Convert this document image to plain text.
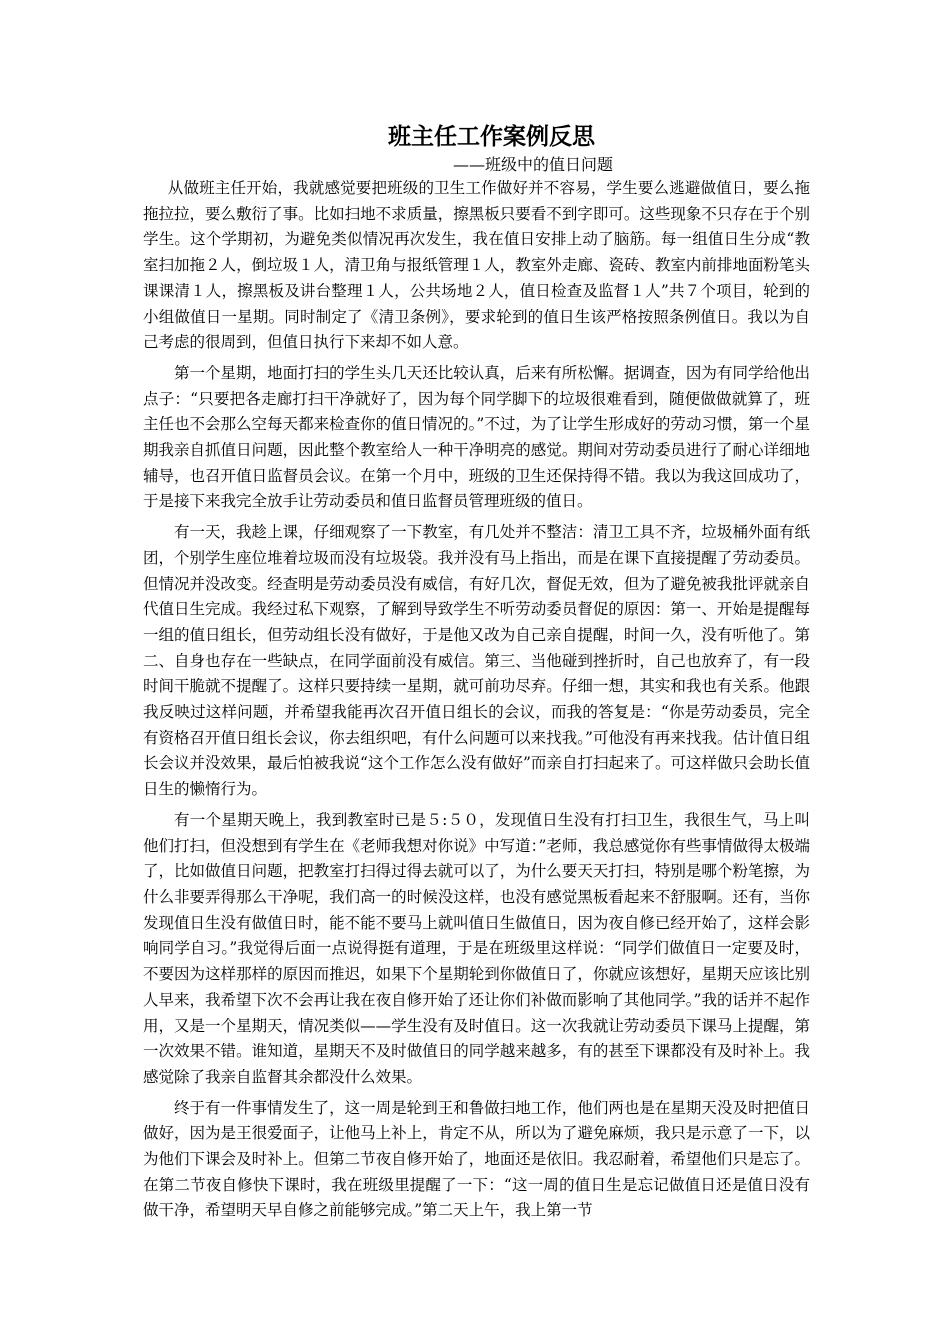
班主任工作案例反思
——班级中的值日问题

从做班主任开始，我就感觉要把班级的卫生工作做好并不容易，学生要么逃避做值日，要么拖拖拉拉，要么敷衍了事。比如扫地不求质量，擦黑板只要看不到字即可。这些现象不只存在于个别学生。这个学期初，为避免类似情况再次发生，我在值日安排上动了脑筋。每一组值日生分成“教室扫加拖２人，倒垃圾１人，清卫角与报纸管理１人，教室外走廊、瓷砖、教室内前排地面粉笔头课课清１人，擦黑板及讲台整理１人，公共场地２人，值日检查及监督１人”共７个项目，轮到的小组做值日一星期。同时制定了《清卫条例》，要求轮到的值日生该严格按照条例值日。我以为自己考虑的很周到，但值日执行下来却不如人意。

第一个星期，地面打扫的学生头几天还比较认真，后来有所松懈。据调查，因为有同学给他出点子：“只要把各走廊打扫干净就好了，因为每个同学脚下的垃圾很难看到，随便做做就算了，班主任也不会那么空每天都来检查你的值日情况的。”不过，为了让学生形成好的劳动习惯，第一个星期我亲自抓值日问题，因此整个教室给人一种干净明亮的感觉。期间对劳动委员进行了耐心详细地辅导，也召开值日监督员会议。在第一个月中，班级的卫生还保持得不错。我以为我这回成功了，于是接下来我完全放手让劳动委员和值日监督员管理班级的值日。

有一天，我趁上课，仔细观察了一下教室，有几处并不整洁：清卫工具不齐，垃圾桶外面有纸团，个别学生座位堆着垃圾而没有垃圾袋。我并没有马上指出，而是在课下直接提醒了劳动委员。但情况并没改变。经查明是劳动委员没有威信，有好几次，督促无效，但为了避免被我批评就亲自代值日生完成。我经过私下观察，了解到导致学生不听劳动委员督促的原因：第一、开始是提醒每一组的值日组长，但劳动组长没有做好，于是他又改为自己亲自提醒，时间一久，没有听他了。第二、自身也存在一些缺点，在同学面前没有威信。第三、当他碰到挫折时，自己也放弃了，有一段时间干脆就不提醒了。这样只要持续一星期，就可前功尽弃。仔细一想，其实和我也有关系。他跟我反映过这样问题，并希望我能再次召开值日组长的会议，而我的答复是：“你是劳动委员，完全有资格召开值日组长会议，你去组织吧，有什么问题可以来找我。”可他没有再来找我。估计值日组长会议并没效果，最后怕被我说“这个工作怎么没有做好”而亲自打扫起来了。可这样做只会助长值日生的懒惰行为。

有一个星期天晚上，我到教室时已是５:５０，发现值日生没有打扫卫生，我很生气，马上叫他们打扫，但没想到有学生在《老师我想对你说》中写道：”老师，我总感觉你有些事情做得太极端了，比如做值日问题，把教室打扫得过得去就可以了，为什么要天天打扫，特别是哪个粉笔擦，为什么非要弄得那么干净呢，我们高一的时候没这样，也没有感觉黑板看起来不舒服啊。还有，当你发现值日生没有做值日时，能不能不要马上就叫值日生做值日，因为夜自修已经开始了，这样会影响同学自习。”我觉得后面一点说得挺有道理，于是在班级里这样说：“同学们做值日一定要及时，不要因为这样那样的原因而推迟，如果下个星期轮到你做值日了，你就应该想好，星期天应该比别人早来，我希望下次不会再让我在夜自修开始了还让你们补做而影响了其他同学。”我的话并不起作用，又是一个星期天，情况类似——学生没有及时值日。这一次我就让劳动委员下课马上提醒，第一次效果不错。谁知道，星期天不及时做值日的同学越来越多，有的甚至下课都没有及时补上。我感觉除了我亲自监督其余都没什么效果。

终于有一件事情发生了，这一周是轮到王和鲁做扫地工作，他们两也是在星期天没及时把值日做好，因为是王很爱面子，让他马上补上，肯定不从，所以为了避免麻烦，我只是示意了一下，以为他们下课会及时补上。但第二节夜自修开始了，地面还是依旧。我忍耐着，希望他们只是忘了。在第二节夜自修快下课时，我在班级里提醒了一下：“这一周的值日生是忘记做值日还是值日没有做干净，希望明天早自修之前能够完成。”第二天上午，我上第一节
